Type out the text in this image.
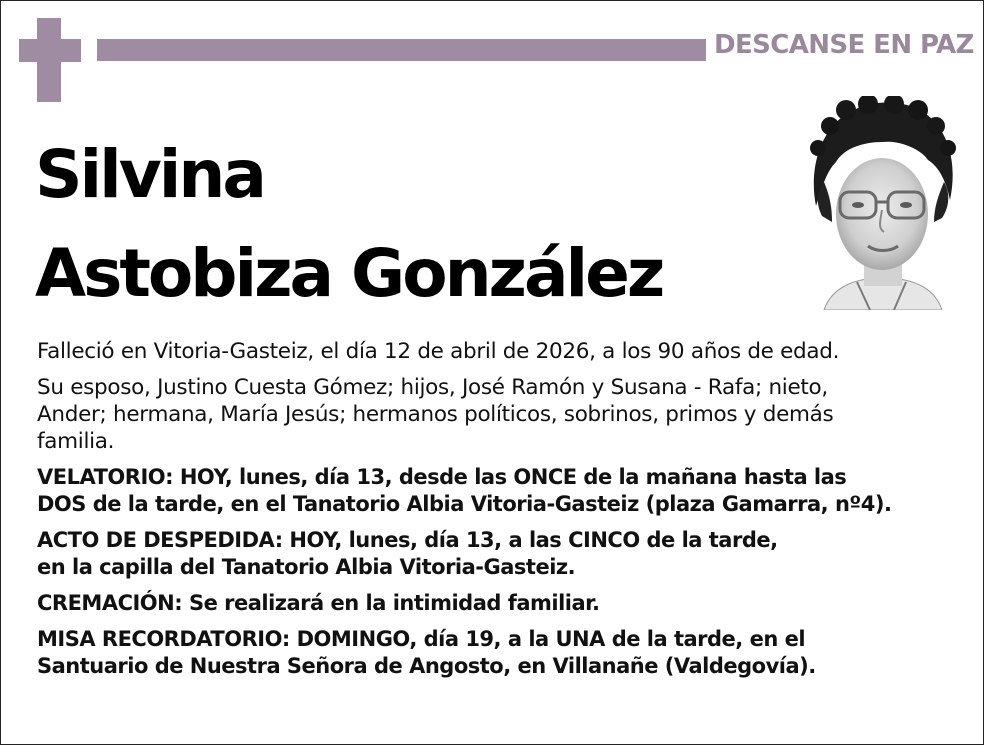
DESCANSE EN PAZ
Silvina
Astobiza González

Falleció en Vitoria-Gasteiz, el día 12 de abril de 2026, a los 90 años de edad.

Su esposo, Justino Cuesta Gómez; hijos, José Ramón y Susana - Rafa; nieto,
Ander; hermana, María Jesús; hermanos políticos, sobrinos, primos y demás
familia.

VELATORIO: HOY, lunes, día 13, desde las ONCE de la mañana hasta las
DOS de la tarde, en el Tanatorio Albia Vitoria-Gasteiz (plaza Gamarra, nº4).

ACTO DE DESPEDIDA: HOY, lunes, día 13, a las CINCO de la tarde,
en la capilla del Tanatorio Albia Vitoria-Gasteiz.

CREMACIÓN: Se realizará en la intimidad familiar.

MISA RECORDATORIO: DOMINGO, día 19, a la UNA de la tarde, en el
Santuario de Nuestra Señora de Angosto, en Villanañe (Valdegovía).
